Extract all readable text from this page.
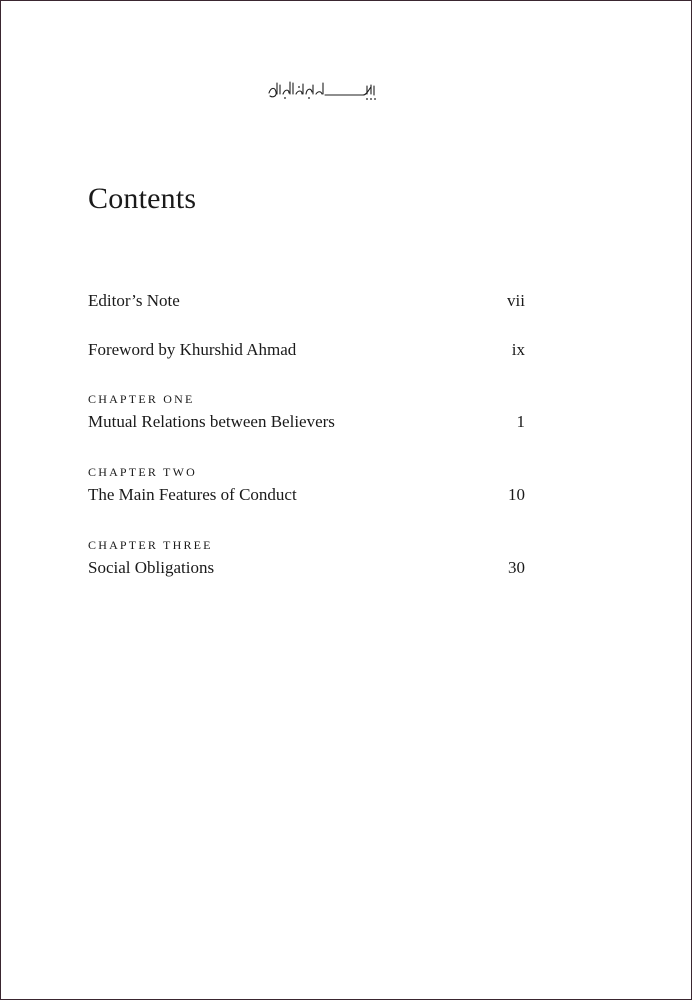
Contents
Editor’s Note	vii
Foreword by Khurshid Ahmad	ix
CHAPTER ONE
Mutual Relations between Believers	1
CHAPTER TWO
The Main Features of Conduct	10
CHAPTER THREE
Social Obligations	30
